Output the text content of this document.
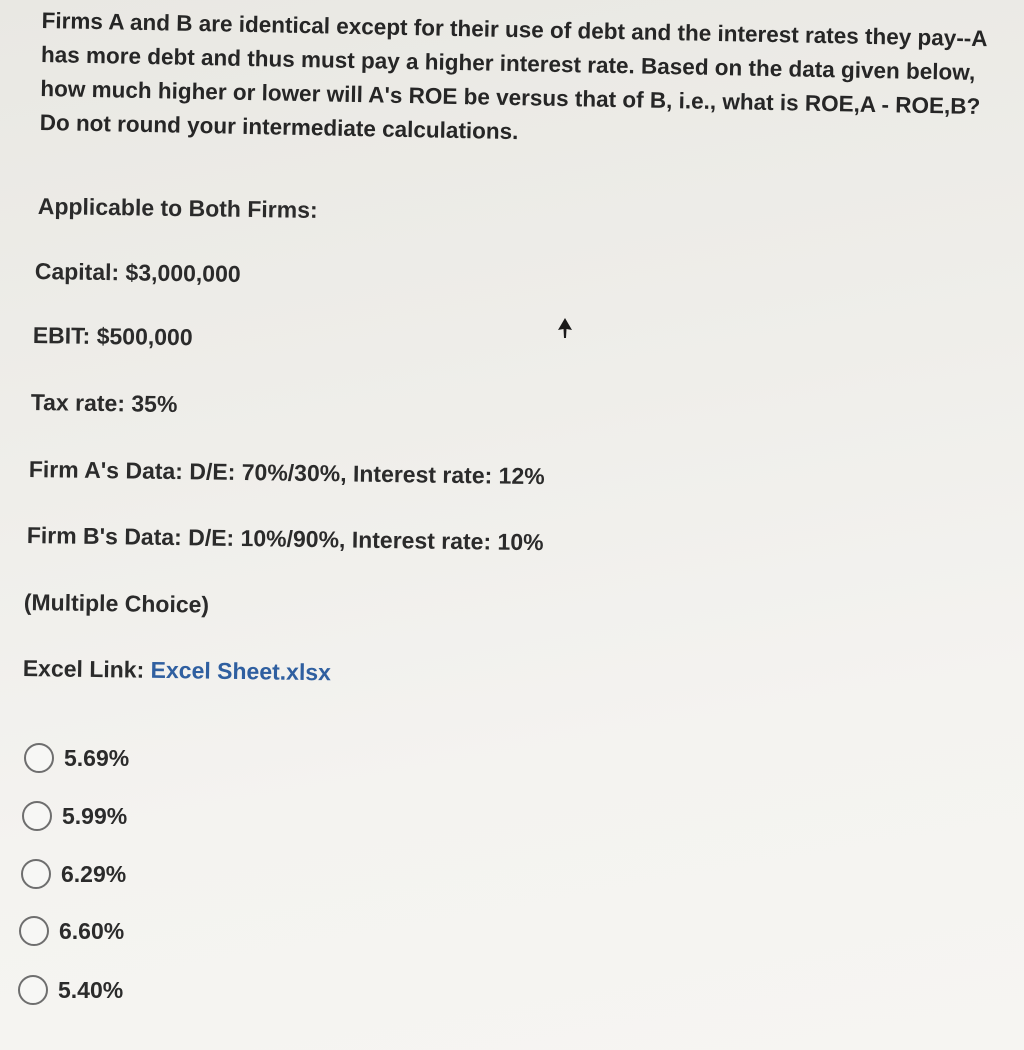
Firms A and B are identical except for their use of debt and the interest rates they pay--A has more debt and thus must pay a higher interest rate. Based on the data given below, how much higher or lower will A's ROE be versus that of B, i.e., what is ROE,A - ROE,B? Do not round your intermediate calculations.

Applicable to Both Firms:
Capital: $3,000,000
EBIT: $500,000
Tax rate: 35%
Firm A's Data: D/E: 70%/30%, Interest rate: 12%
Firm B's Data: D/E: 10%/90%, Interest rate: 10%
(Multiple Choice)
Excel Link: Excel Sheet.xlsx
5.69%
5.99%
6.29%
6.60%
5.40%
